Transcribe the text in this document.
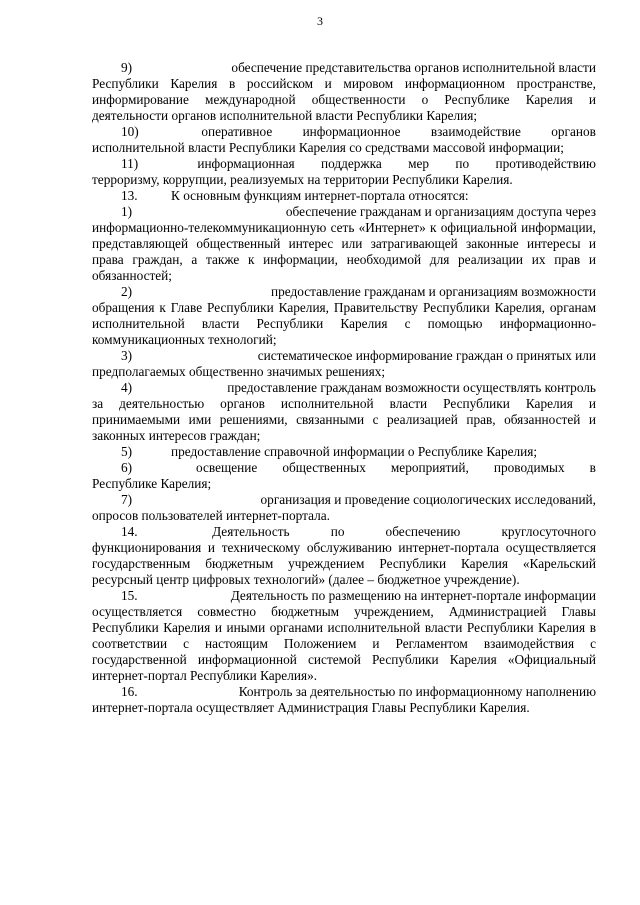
3
9)	обеспечение представительства органов исполнительной власти
Республики Карелия в российском и мировом информационном пространстве, информирование международной общественности о Республике Карелия и деятельности органов исполнительной власти Республики Карелия;
10)	оперативное информационное взаимодействие органов
исполнительной власти Республики Карелия со средствами массовой информации;
11)	информационная поддержка мер по противодействию
терроризму, коррупции, реализуемых на территории Республики Карелия.
13.	К основным функциям интернет-портала относятся:
1)	обеспечение гражданам и организациям доступа через
информационно-телекоммуникационную сеть «Интернет» к официальной информации, представляющей общественный интерес или затрагивающей законные интересы и права граждан, а также к информации, необходимой для реализации их прав и обязанностей;
2)	предоставление гражданам и организациям возможности
обращения к Главе Республики Карелия, Правительству Республики Карелия, органам исполнительной власти Республики Карелия с помощью информационно-коммуникационных технологий;
3)	систематическое информирование граждан о принятых или
предполагаемых общественно значимых решениях;
4)	предоставление гражданам возможности осуществлять контроль
за деятельностью органов исполнительной власти Республики Карелия и принимаемыми ими решениями, связанными с реализацией прав, обязанностей и законных интересов граждан;
5)	предоставление справочной информации о Республике Карелия;
6)	освещение общественных мероприятий, проводимых в
Республике Карелия;
7)	организация и проведение социологических исследований,
опросов пользователей интернет-портала.
14.	Деятельность	по	обеспечению	круглосуточного
функционирования и техническому обслуживанию интернет-портала осуществляется государственным бюджетным учреждением Республики Карелия «Карельский ресурсный центр цифровых технологий» (далее – бюджетное учреждение).
15.	Деятельность по размещению на интернет-портале информации
осуществляется совместно бюджетным учреждением, Администрацией Главы Республики Карелия и иными органами исполнительной власти Республики Карелия в соответствии с настоящим Положением и Регламентом взаимодействия с государственной информационной системой Республики Карелия «Официальный интернет-портал Республики Карелия».
16.	Контроль за деятельностью по информационному наполнению
интернет-портала осуществляет Администрация Главы Республики Карелия.
